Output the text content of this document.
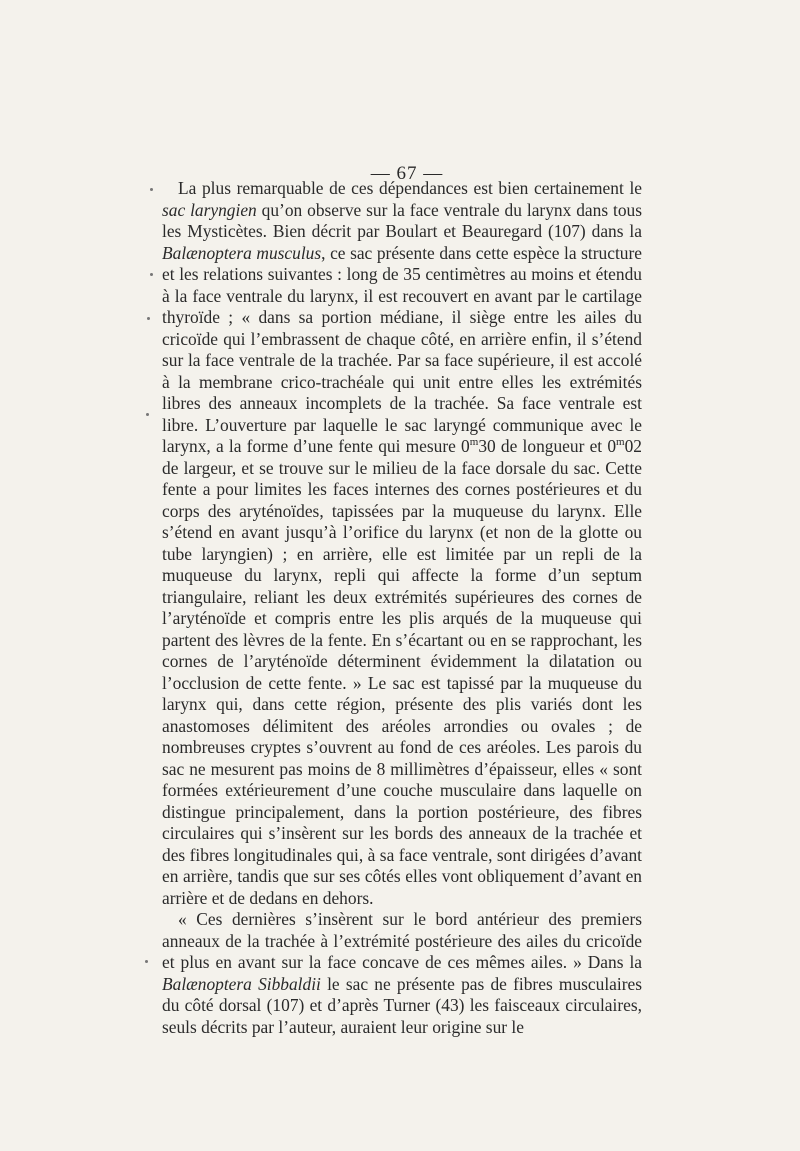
— 67 —

La plus remarquable de ces dépendances est bien certainement le sac laryngien qu’on observe sur la face ventrale du larynx dans tous les Mysticètes. Bien décrit par Boulart et Beauregard (107) dans la Balænoptera musculus, ce sac présente dans cette espèce la structure et les relations suivantes : long de 35 centimètres au moins et étendu à la face ventrale du larynx, il est recouvert en avant par le cartilage thyroïde ; « dans sa portion médiane, il siège entre les ailes du cricoïde qui l’embrassent de chaque côté, en arrière enfin, il s’étend sur la face ventrale de la trachée. Par sa face supérieure, il est accolé à la membrane crico-trachéale qui unit entre elles les extrémités libres des anneaux incomplets de la trachée. Sa face ventrale est libre. L’ouverture par laquelle le sac laryngé communique avec le larynx, a la forme d’une fente qui mesure 0$^m$30 de longueur et 0$^m$02 de largeur, et se trouve sur le milieu de la face dorsale du sac. Cette fente a pour limites les faces internes des cornes postérieures et du corps des aryténoïdes, tapissées par la muqueuse du larynx. Elle s’étend en avant jusqu’à l’orifice du larynx (et non de la glotte ou tube laryngien) ; en arrière, elle est limitée par un repli de la muqueuse du larynx, repli qui affecte la forme d’un septum triangulaire, reliant les deux extrémités supérieures des cornes de l’aryténoïde et compris entre les plis arqués de la muqueuse qui partent des lèvres de la fente. En s’écartant ou en se rapprochant, les cornes de l’aryténoïde déterminent évidemment la dilatation ou l’occlusion de cette fente. » Le sac est tapissé par la muqueuse du larynx qui, dans cette région, présente des plis variés dont les anastomoses délimitent des aréoles arrondies ou ovales ; de nombreuses cryptes s’ouvrent au fond de ces aréoles. Les parois du sac ne mesurent pas moins de 8 millimètres d’épaisseur, elles « sont formées extérieurement d’une couche musculaire dans laquelle on distingue principalement, dans la portion postérieure, des fibres circulaires qui s’insèrent sur les bords des anneaux de la trachée et des fibres longitudinales qui, à sa face ventrale, sont dirigées d’avant en arrière, tandis que sur ses côtés elles vont obliquement d’avant en arrière et de dedans en dehors.

« Ces dernières s’insèrent sur le bord antérieur des premiers anneaux de la trachée à l’extrémité postérieure des ailes du cricoïde et plus en avant sur la face concave de ces mêmes ailes. » Dans la Balænoptera Sibbaldii le sac ne présente pas de fibres musculaires du côté dorsal (107) et d’après Turner (43) les faisceaux circulaires, seuls décrits par l’auteur, auraient leur origine sur le
